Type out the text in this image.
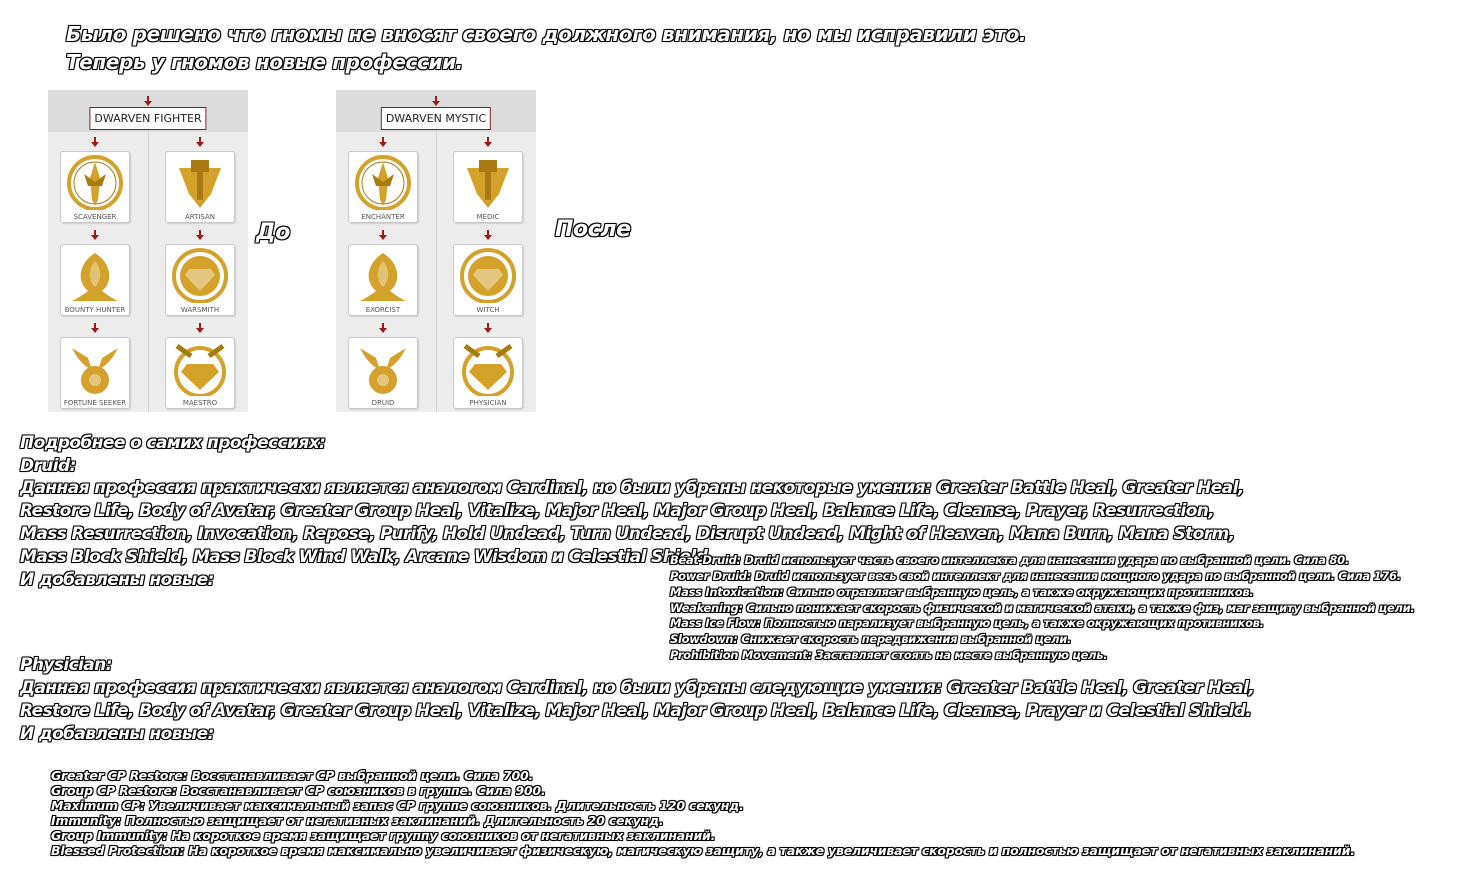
Было решено что гномы не вносят своего должного внимания, но мы исправили это.
Теперь у гномов новые профессии.
DWARVEN FIGHTER
SCAVENGER
BOUNTY HUNTER
FORTUNE SEEKER
ARTISAN
WARSMITH
MAESTRO
До
DWARVEN MYSTIC
ENCHANTER
EXORCIST
DRUID
MEDIC
WITCH
PHYSICIAN
После
Подробнее о самих профессиях:
Druid:
Данная профессия практически является аналогом Cardinal, но были убраны некоторые умения: Greater Battle Heal, Greater Heal,
Restore Life, Body of Avatar, Greater Group Heal, Vitalize, Major Heal, Major Group Heal, Balance Life, Cleanse, Prayer, Resurrection,
Mass Resurrection, Invocation, Repose, Purify, Hold Undead, Turn Undead, Disrupt Undead, Might of Heaven, Mana Burn, Mana Storm,
Mass Block Shield, Mass Block Wind Walk, Arcane Wisdom и Celestial Shield.
И добавлены новые:
Beat Druid: Druid использует часть своего интеллекта для нанесения удара по выбранной цели. Сила 80.
Power Druid: Druid использует весь свой интеллект для нанесения мощного удара по выбранной цели. Сила 176.
Mass Intoxication: Сильно отравляет выбранную цель, а также окружающих противников.
Weakening: Сильно понижает скорость физической и магической атаки, а также физ, маг защиту выбранной цели.
Mass Ice Flow: Полностью парализует выбранную цель, а также окружающих противников.
Slowdown: Снижает скорость передвижения выбранной цели.
Prohibition Movement: Заставляет стоять на месте выбранную цель.
Physician:
Данная профессия практически является аналогом Cardinal, но были убраны следующие умения: Greater Battle Heal, Greater Heal,
Restore Life, Body of Avatar, Greater Group Heal, Vitalize, Major Heal, Major Group Heal, Balance Life, Cleanse, Prayer и Celestial Shield.
И добавлены новые:
Greater CP Restore: Восстанавливает CP выбранной цели. Сила 700.
Group CP Restore: Восстанавливает CP союзников в группе. Сила 900.
Maximum CP: Увеличивает максимальный запас CP группе союзников. Длительность 120 секунд.
Immunity: Полностью защищает от негативных заклинаний. Длительность 20 секунд.
Group Immunity: На короткое время защищает группу союзников от негативных заклинаний.
Blessed Protection: На короткое время максимально увеличивает физическую, магическую защиту, а также увеличивает скорость и полностью защищает от негативных заклинаний.
